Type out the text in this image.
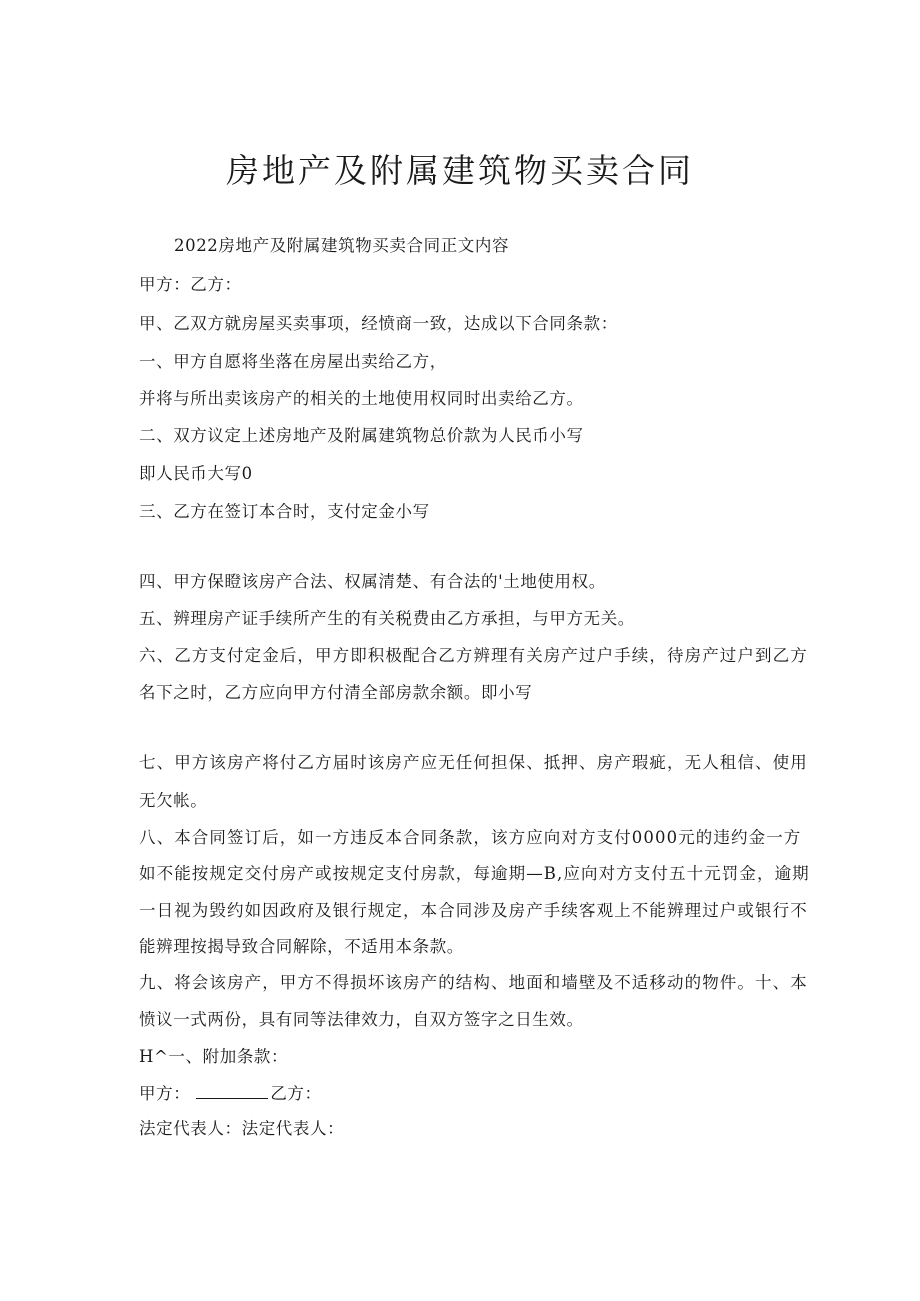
房地产及附属建筑物买卖合同

2022房地产及附属建筑物买卖合同正文内容

甲方：乙方：

甲、乙双方就房屋买卖事项，经愤商一致，达成以下合同条款：

一、甲方自愿将坐落在房屋出卖给乙方，

并将与所出卖该房产的相关的土地使用权同时出卖给乙方。

二、双方议定上述房地产及附属建筑物总价款为人民币小写

即人民币大写0

三、乙方在签订本合时，支付定金小写

四、甲方保瞪该房产合法、权属清楚、有合法的'土地使用权。

五、辨理房产证手续所产生的有关税费由乙方承担，与甲方无关。

六、乙方支付定金后，甲方即积极配合乙方辨理有关房产过户手续，待房产过户到乙方

名下之时，乙方应向甲方付清全部房款余额。即小写

七、甲方该房产将付乙方届时该房产应无任何担保、抵押、房产瑕疵，无人租信、使用

无欠帐。

八、本合同签订后，如一方违反本合同条款，该方应向对方支付0000元的违约金一方

如不能按规定交付房产或按规定支付房款，每逾期—B,应向对方支付五十元罚金，逾期

一日视为毁约如因政府及银行规定，本合同涉及房产手续客观上不能辨理过户或银行不

能辨理按揭导致合同解除，不适用本条款。

九、将会该房产，甲方不得损坏该房产的结构、地面和墙壁及不适移动的物件。十、本

愤议一式两份，具有同等法律效力，自双方签字之日生效。

H^一、附加条款：

甲方：	乙方：

法定代表人：法定代表人：
